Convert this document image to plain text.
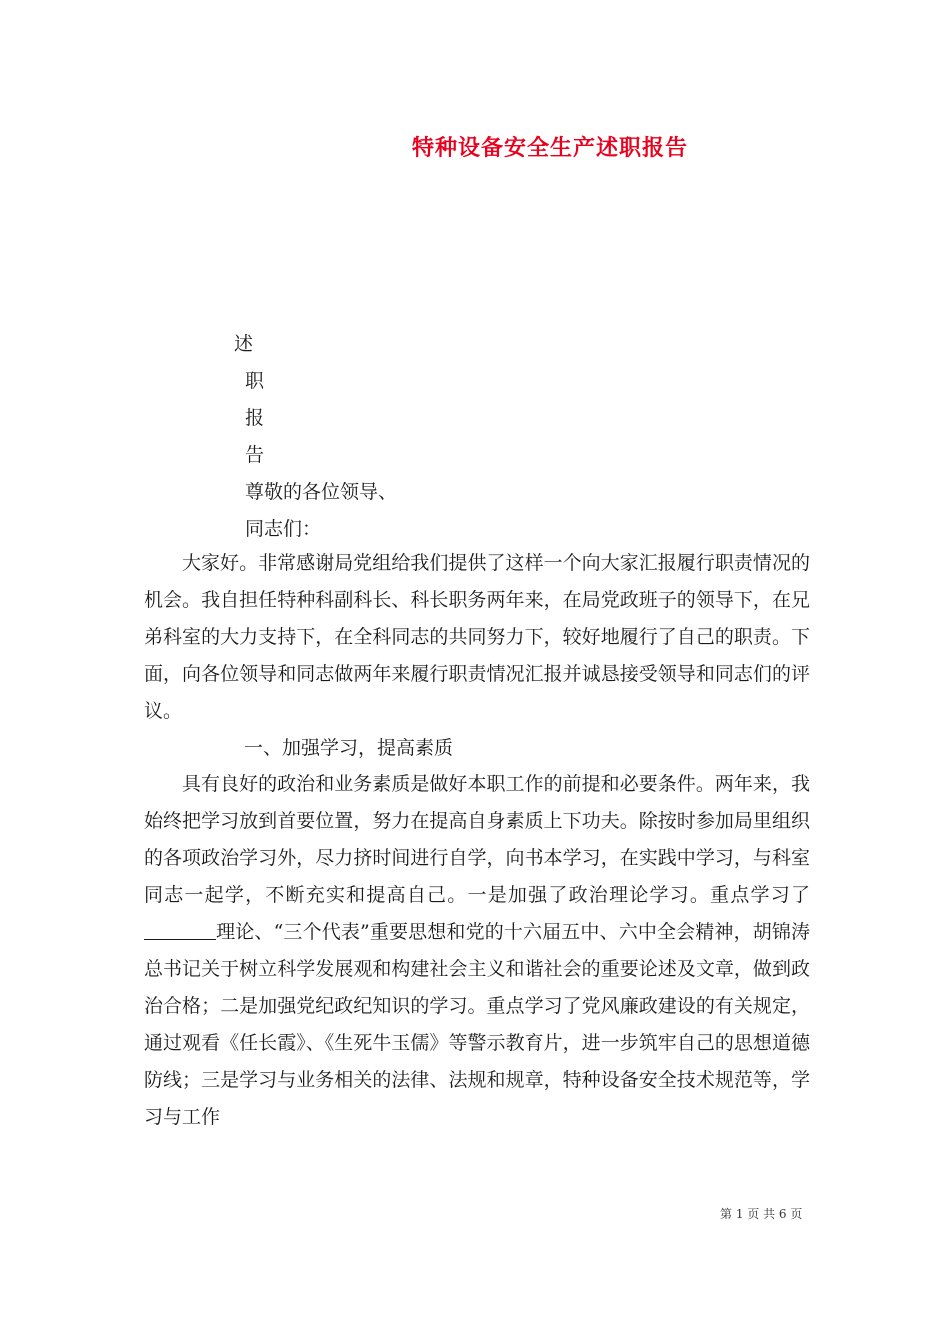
特种设备安全生产述职报告
述
职
报
告
尊敬的各位领导、
同志们：

大家好。非常感谢局党组给我们提供了这样一个向大家汇报履行职责情况的机会。我自担任特种科副科长、科长职务两年来，在局党政班子的领导下，在兄弟科室的大力支持下，在全科同志的共同努力下，较好地履行了自己的职责。下面，向各位领导和同志做两年来履行职责情况汇报并诚恳接受领导和同志们的评议。

一、加强学习，提高素质

具有良好的政治和业务素质是做好本职工作的前提和必要条件。两年来，我始终把学习放到首要位置，努力在提高自身素质上下功夫。除按时参加局里组织的各项政治学习外，尽力挤时间进行自学，向书本学习，在实践中学习，与科室同志一起学，不断充实和提高自己。一是加强了政治理论学习。重点学习了理论、“三个代表”重要思想和党的十六届五中、六中全会精神，胡锦涛总书记关于树立科学发展观和构建社会主义和谐社会的重要论述及文章，做到政治合格；二是加强党纪政纪知识的学习。重点学习了党风廉政建设的有关规定，通过观看《任长霞》、《生死牛玉儒》等警示教育片，进一步筑牢自己的思想道德防线；三是学习与业务相关的法律、法规和规章，特种设备安全技术规范等，学习与工作

第 1 页 共 6 页
